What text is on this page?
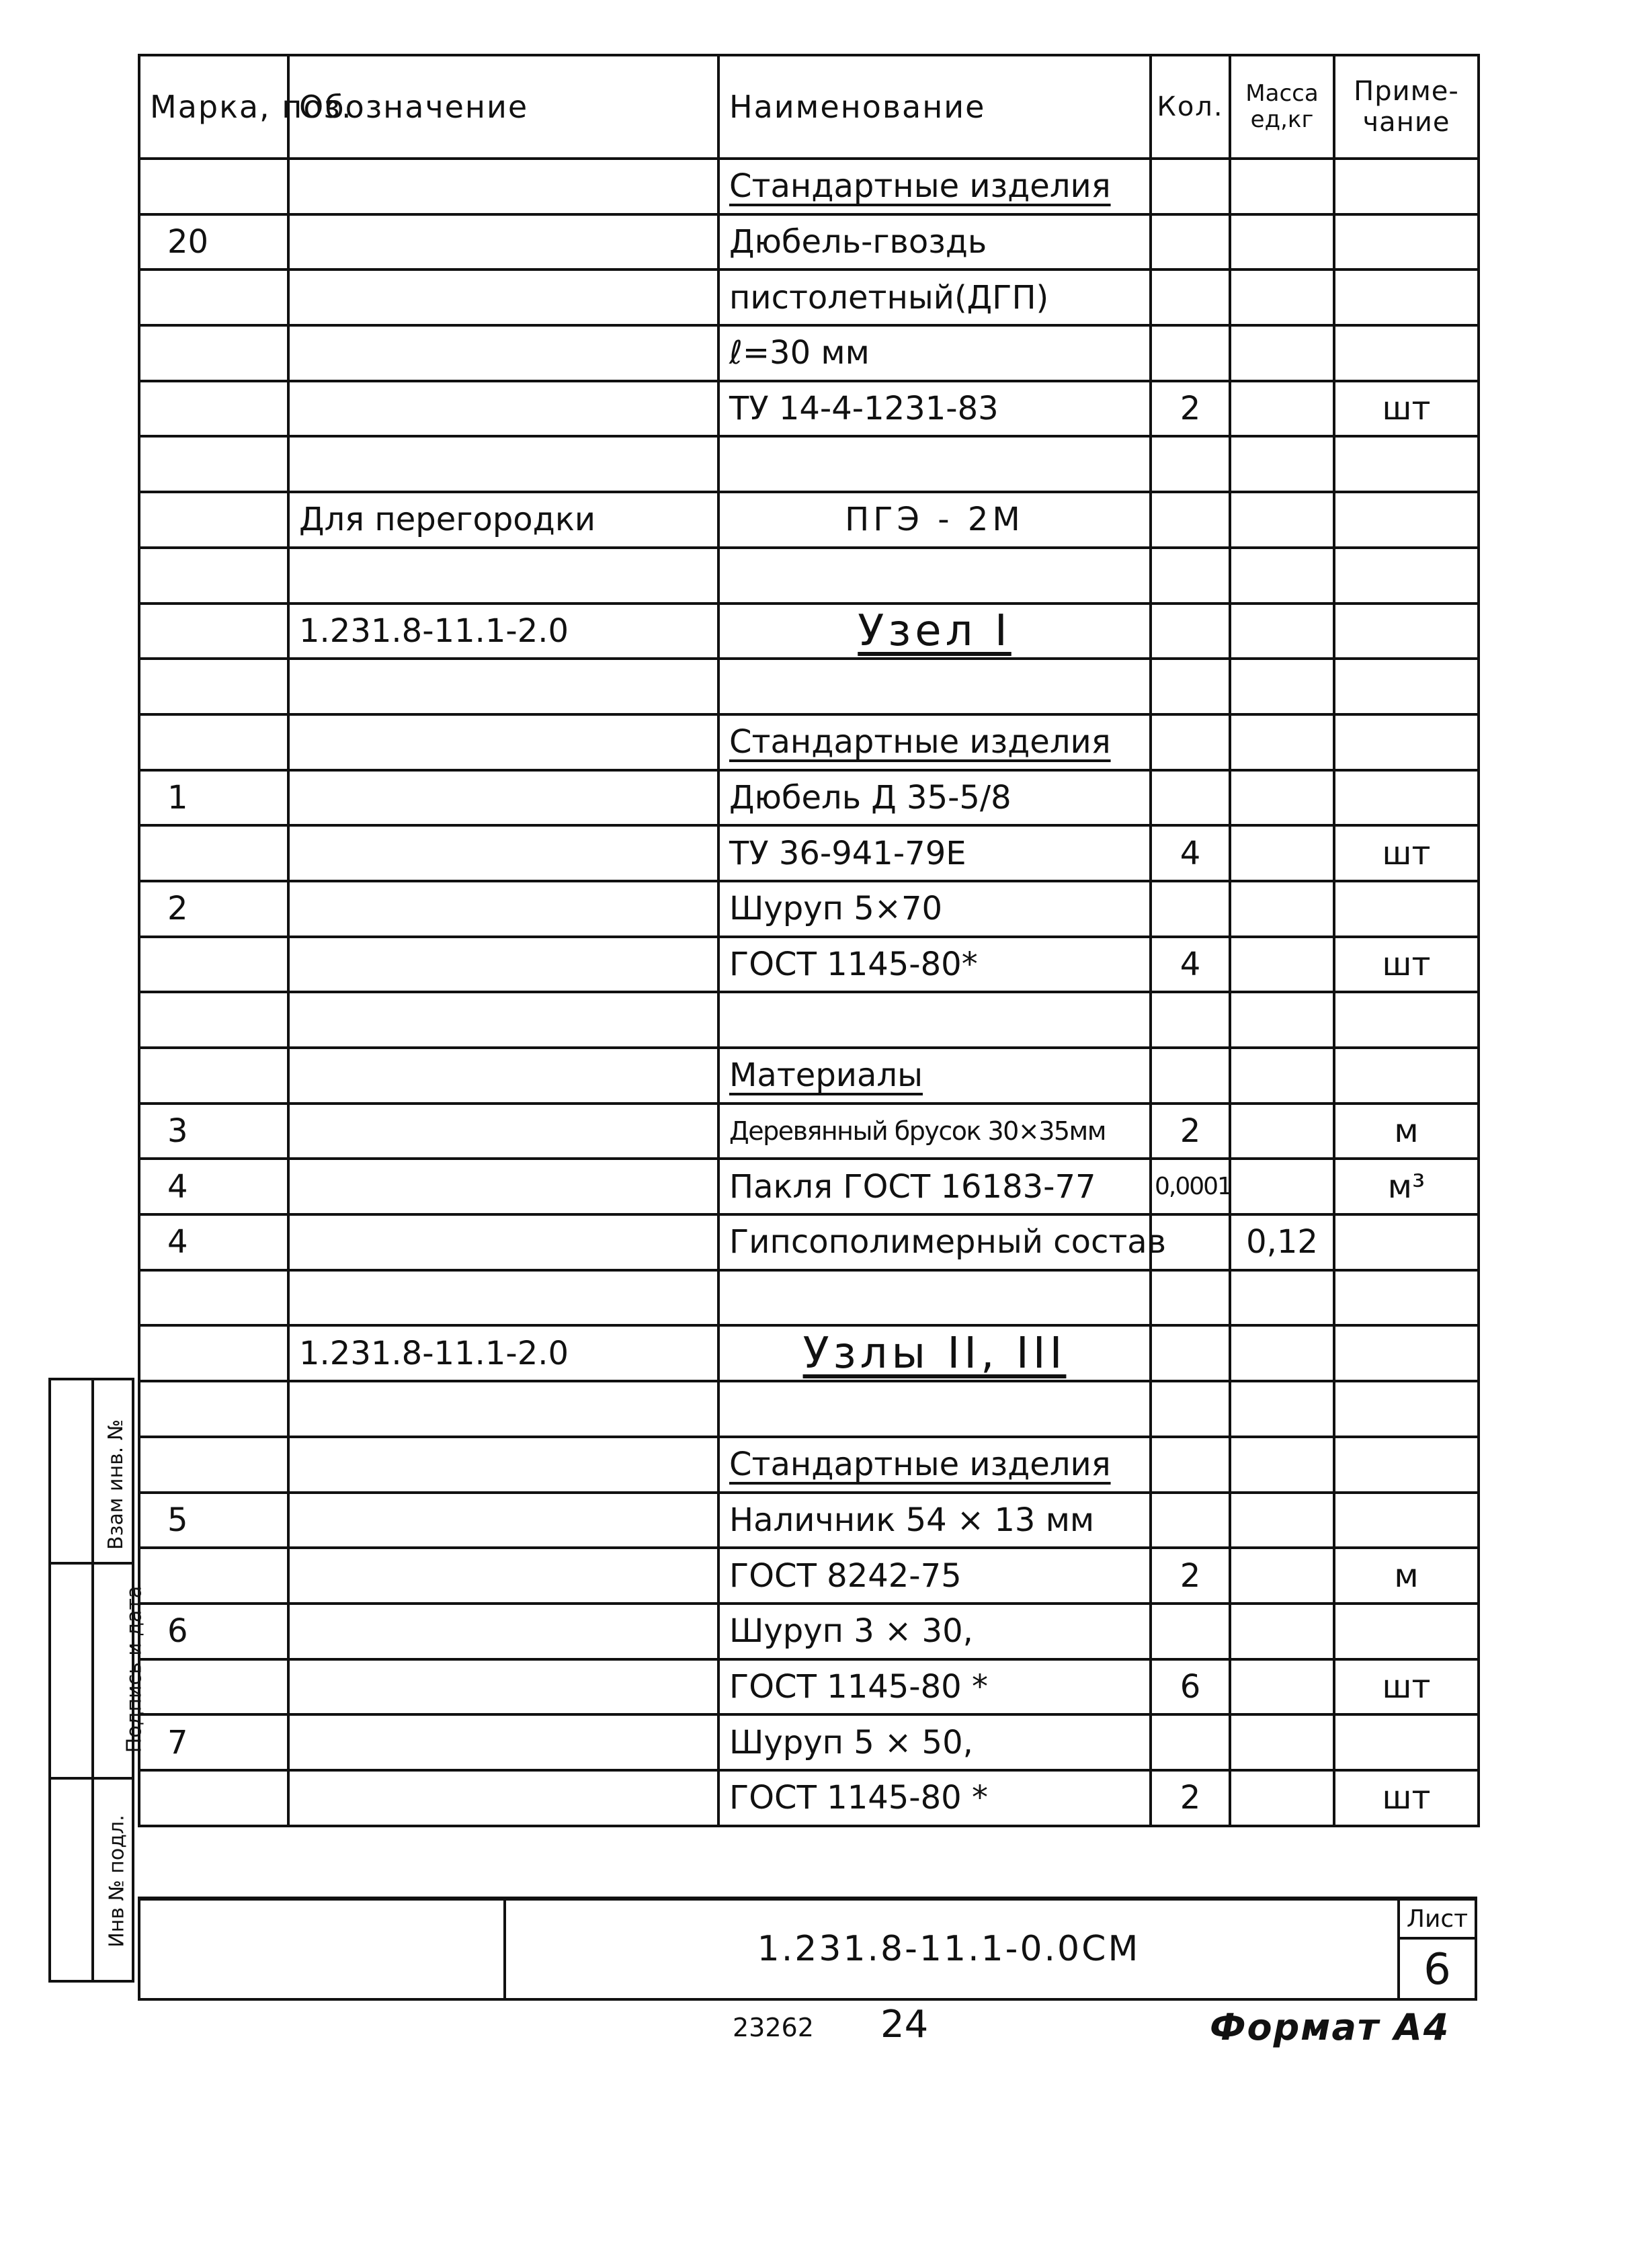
Марка, поз.	Обозначение	Наименование	Кол.	Масса ед,кг	Приме- чание
		Стандартные изделия			
20		Дюбель-гвоздь			
		пистолетный(ДГП)			
		ℓ=30 мм			
		ТУ 14-4-1231-83	2		шт

	Для перегородки	ПГЭ - 2М			

	1.231.8-11.1-2.0	Узел I			

		Стандартные изделия			
1		Дюбель Д 35-5/8			
		ТУ 36-941-79Е	4		шт
2		Шуруп 5×70			
		ГОСТ 1145-80*	4		шт

		Материалы			
3		Деревянный брусок 30×35мм	2		м
4		Пакля ГОСТ 16183-77	0,0001		м³
4		Гипсополимерный состав		0,12	

	1.231.8-11.1-2.0	Узлы II, III			

		Стандартные изделия			
5		Наличник 54 × 13 мм			
		ГОСТ 8242-75	2		м
6		Шуруп 3 × 30,			
		ГОСТ 1145-80 *	6		шт
7		Шуруп 5 × 50,			
		ГОСТ 1145-80 *	2		шт
1.231.8-11.1-0.0СМ
Лист
6
Взам инв. №
Подпись и дата
Инв № подл.
23262 24	Формат А4
